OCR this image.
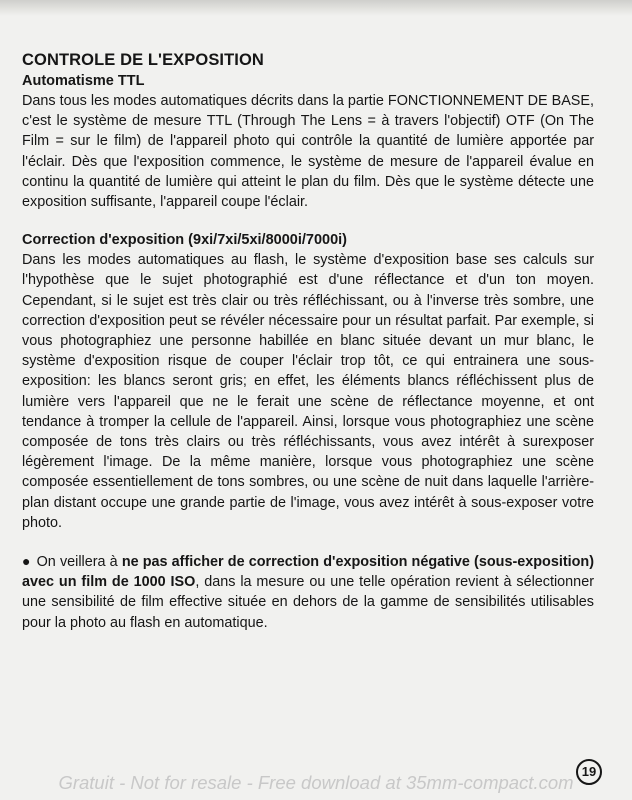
CONTROLE DE L'EXPOSITION
Automatisme TTL

Dans tous les modes automatiques décrits dans la partie FONCTIONNEMENT DE BASE, c'est le système de mesure TTL (Through The Lens = à travers l'objectif) OTF (On The Film = sur le film) de l'appareil photo qui contrôle la quantité de lumière apportée par l'éclair. Dès que l'exposition commence, le système de mesure de l'appareil évalue en continu la quantité de lumière qui atteint le plan du film. Dès que le système détecte une exposition suffisante, l'appareil coupe l'éclair.

Correction d'exposition (9xi/7xi/5xi/8000i/7000i)

Dans les modes automatiques au flash, le système d'exposition base ses calculs sur l'hypothèse que le sujet photographié est d'une réflectance et d'un ton moyen. Cependant, si le sujet est très clair ou très réfléchissant, ou à l'inverse très sombre, une correction d'exposition peut se révéler nécessaire pour un résultat parfait. Par exemple, si vous photographiez une personne habillée en blanc située devant un mur blanc, le système d'exposition risque de couper l'éclair trop tôt, ce qui entrainera une sous-exposition: les blancs seront gris; en effet, les éléments blancs réfléchissent plus de lumière vers l'appareil que ne le ferait une scène de réflectance moyenne, et ont tendance à tromper la cellule de l'appareil. Ainsi, lorsque vous photographiez une scène composée de tons très clairs ou très réfléchissants, vous avez intérêt à surexposer légèrement l'image. De la même manière, lorsque vous photographiez une scène composée essentiellement de tons sombres, ou une scène de nuit dans laquelle l'arrière-plan distant occupe une grande partie de l'image, vous avez intérêt à sous-exposer votre photo.

● On veillera à ne pas afficher de correction d'exposition négative (sous-exposition) avec un film de 1000 ISO, dans la mesure ou une telle opération revient à sélectionner une sensibilité de film effective située en dehors de la gamme de sensibilités utilisables pour la photo au flash en automatique.

Gratuit - Not for resale - Free download at 35mm-compact.com
19
